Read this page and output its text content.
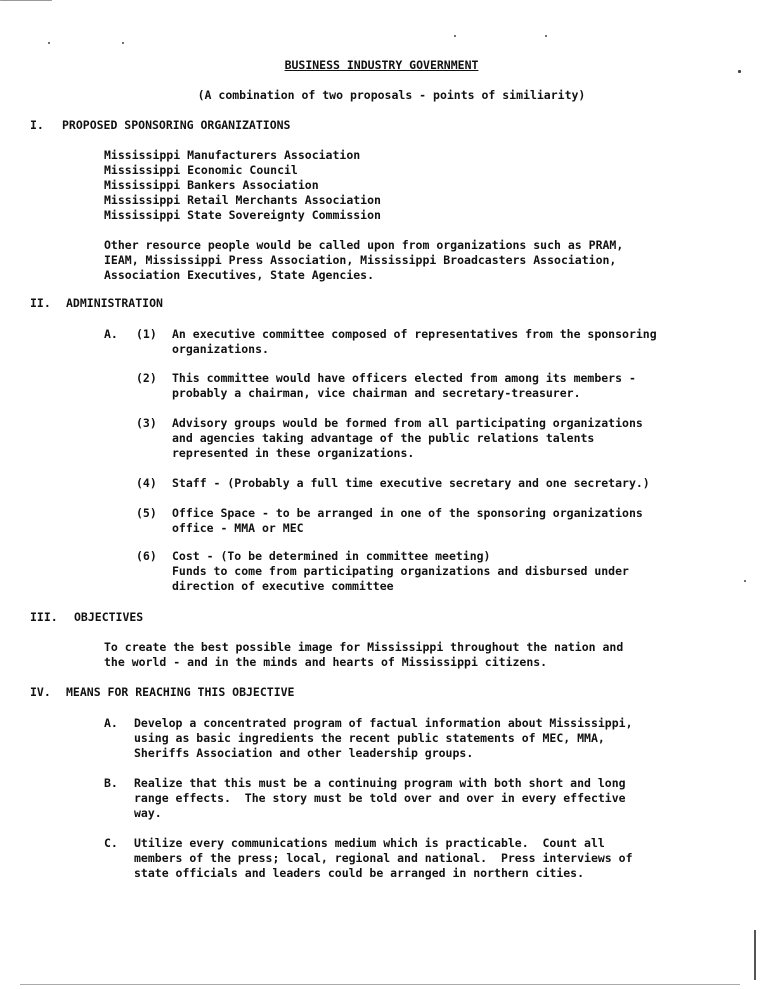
BUSINESS INDUSTRY GOVERNMENT
(A combination of two proposals - points of similiarity)
I. PROPOSED SPONSORING ORGANIZATIONS
Mississippi Manufacturers Association
Mississippi Economic Council
Mississippi Bankers Association
Mississippi Retail Merchants Association
Mississippi State Sovereignty Commission
Other resource people would be called upon from organizations such as PRAM,
IEAM, Mississippi Press Association, Mississippi Broadcasters Association,
Association Executives, State Agencies.
II. ADMINISTRATION
A. (1) An executive committee composed of representatives from the sponsoring
organizations.
(2) This committee would have officers elected from among its members -
probably a chairman, vice chairman and secretary-treasurer.
(3) Advisory groups would be formed from all participating organizations
and agencies taking advantage of the public relations talents
represented in these organizations.
(4) Staff - (Probably a full time executive secretary and one secretary.)
(5) Office Space - to be arranged in one of the sponsoring organizations
office - MMA or MEC
(6) Cost - (To be determined in committee meeting)
Funds to come from participating organizations and disbursed under
direction of executive committee
III. OBJECTIVES
To create the best possible image for Mississippi throughout the nation and
the world - and in the minds and hearts of Mississippi citizens.
IV. MEANS FOR REACHING THIS OBJECTIVE
A. Develop a concentrated program of factual information about Mississippi,
using as basic ingredients the recent public statements of MEC, MMA,
Sheriffs Association and other leadership groups.
B. Realize that this must be a continuing program with both short and long
range effects.  The story must be told over and over in every effective
way.
C. Utilize every communications medium which is practicable.  Count all
members of the press; local, regional and national.  Press interviews of
state officials and leaders could be arranged in northern cities.
